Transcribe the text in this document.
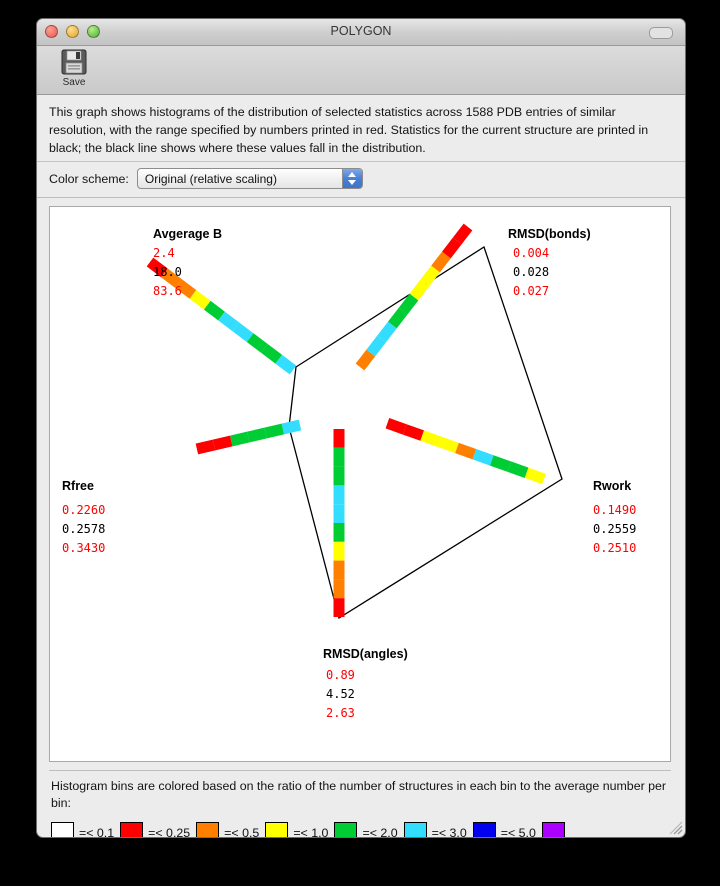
POLYGON
Save
This graph shows histograms of the distribution of selected statistics across 1588 PDB entries of similar resolution, with the range specified by numbers printed in red. Statistics for the current structure are printed in black; the black line shows where these values fall in the distribution.
Color scheme: Original (relative scaling)
Avgerage B
2.4
18.0
83.6
RMSD(bonds)
0.004
0.028
0.027
Rwork
0.1490
0.2559
0.2510
RMSD(angles)
0.89
4.52
2.63
Rfree
0.2260
0.2578
0.3430
Histogram bins are colored based on the ratio of the number of structures in each bin to the average number per bin:
=< 0.1	=< 0.25	=< 0.5	=< 1.0	=< 2.0	=< 3.0	=< 5.0
